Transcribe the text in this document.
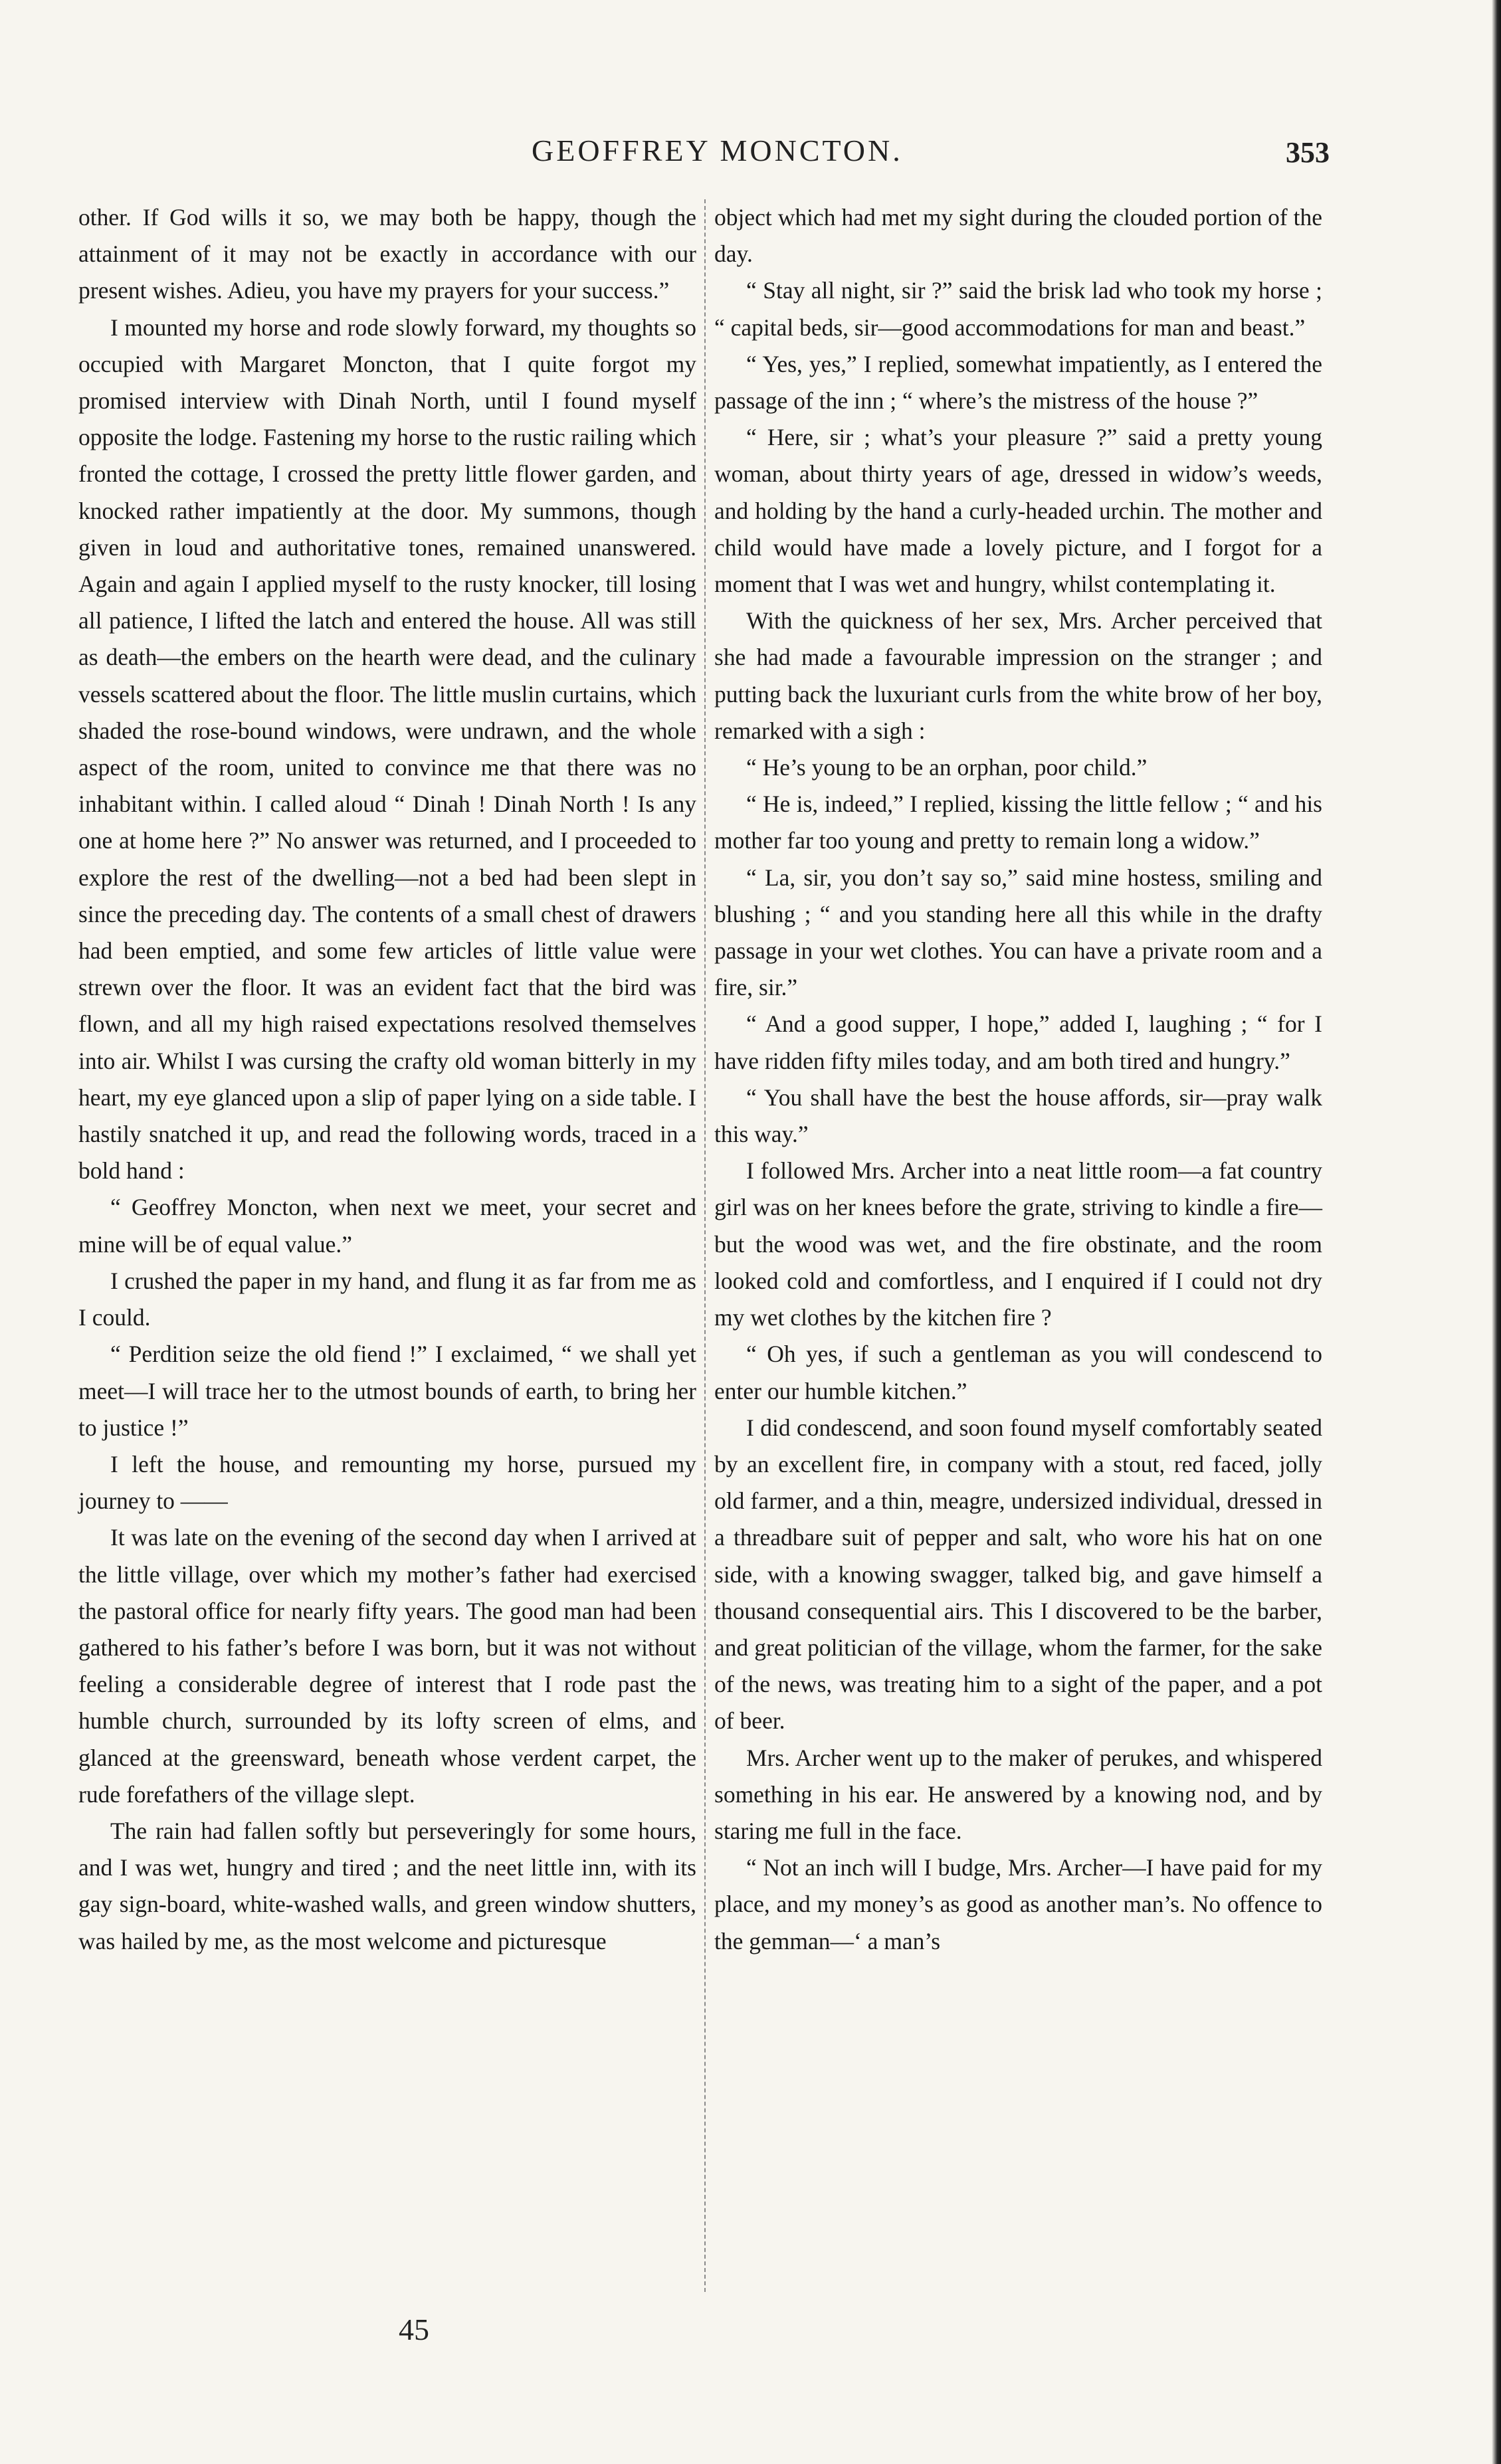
GEOFFREY MONCTON.	353

other. If God wills it so, we may both be happy, though the attainment of it may not be exactly in accordance with our present wishes. Adieu, you have my prayers for your success.”

I mounted my horse and rode slowly forward, my thoughts so occupied with Margaret Moncton, that I quite forgot my promised interview with Dinah North, until I found myself opposite the lodge. Fastening my horse to the rustic railing which fronted the cottage, I crossed the pretty little flower garden, and knocked rather impatiently at the door. My summons, though given in loud and authoritative tones, remained unanswered. Again and again I applied myself to the rusty knocker, till losing all patience, I lifted the latch and entered the house. All was still as death—the embers on the hearth were dead, and the culinary vessels scattered about the floor. The little muslin curtains, which shaded the rose-bound windows, were undrawn, and the whole aspect of the room, united to convince me that there was no inhabitant within. I called aloud “ Dinah ! Dinah North ! Is any one at home here ?” No answer was returned, and I proceeded to explore the rest of the dwelling—not a bed had been slept in since the preceding day. The contents of a small chest of drawers had been emptied, and some few articles of little value were strewn over the floor. It was an evident fact that the bird was flown, and all my high raised expectations resolved themselves into air. Whilst I was cursing the crafty old woman bitterly in my heart, my eye glanced upon a slip of paper lying on a side table. I hastily snatched it up, and read the following words, traced in a bold hand :

“ Geoffrey Moncton, when next we meet, your secret and mine will be of equal value.”

I crushed the paper in my hand, and flung it as far from me as I could.

“ Perdition seize the old fiend !” I exclaimed, “ we shall yet meet—I will trace her to the utmost bounds of earth, to bring her to justice !”

I left the house, and remounting my horse, pursued my journey to ——

It was late on the evening of the second day when I arrived at the little village, over which my mother’s father had exercised the pastoral office for nearly fifty years. The good man had been gathered to his father’s before I was born, but it was not without feeling a considerable degree of interest that I rode past the humble church, surrounded by its lofty screen of elms, and glanced at the greensward, beneath whose verdent carpet, the rude forefathers of the village slept.

The rain had fallen softly but perseveringly for some hours, and I was wet, hungry and tired ; and the neet little inn, with its gay sign-board, white-washed walls, and green window shutters, was hailed by me, as the most welcome and picturesque

object which had met my sight during the clouded portion of the day.

“ Stay all night, sir ?” said the brisk lad who took my horse ; “ capital beds, sir—good accommodations for man and beast.”

“ Yes, yes,” I replied, somewhat impatiently, as I entered the passage of the inn ; “ where’s the mistress of the house ?”

“ Here, sir ; what’s your pleasure ?” said a pretty young woman, about thirty years of age, dressed in widow’s weeds, and holding by the hand a curly-headed urchin. The mother and child would have made a lovely picture, and I forgot for a moment that I was wet and hungry, whilst contemplating it.

With the quickness of her sex, Mrs. Archer perceived that she had made a favourable impression on the stranger ; and putting back the luxuriant curls from the white brow of her boy, remarked with a sigh :

“ He’s young to be an orphan, poor child.”

“ He is, indeed,” I replied, kissing the little fellow ; “ and his mother far too young and pretty to remain long a widow.”

“ La, sir, you don’t say so,” said mine hostess, smiling and blushing ; “ and you standing here all this while in the drafty passage in your wet clothes. You can have a private room and a fire, sir.”

“ And a good supper, I hope,” added I, laughing ; “ for I have ridden fifty miles today, and am both tired and hungry.”

“ You shall have the best the house affords, sir—pray walk this way.”

I followed Mrs. Archer into a neat little room—a fat country girl was on her knees before the grate, striving to kindle a fire—but the wood was wet, and the fire obstinate, and the room looked cold and comfortless, and I enquired if I could not dry my wet clothes by the kitchen fire ?

“ Oh yes, if such a gentleman as you will condescend to enter our humble kitchen.”

I did condescend, and soon found myself comfortably seated by an excellent fire, in company with a stout, red faced, jolly old farmer, and a thin, meagre, undersized individual, dressed in a threadbare suit of pepper and salt, who wore his hat on one side, with a knowing swagger, talked big, and gave himself a thousand consequential airs. This I discovered to be the barber, and great politician of the village, whom the farmer, for the sake of the news, was treating him to a sight of the paper, and a pot of beer.

Mrs. Archer went up to the maker of perukes, and whispered something in his ear. He answered by a knowing nod, and by staring me full in the face.

“ Not an inch will I budge, Mrs. Archer—I have paid for my place, and my money’s as good as another man’s. No offence to the gemman—‘ a man’s

45
